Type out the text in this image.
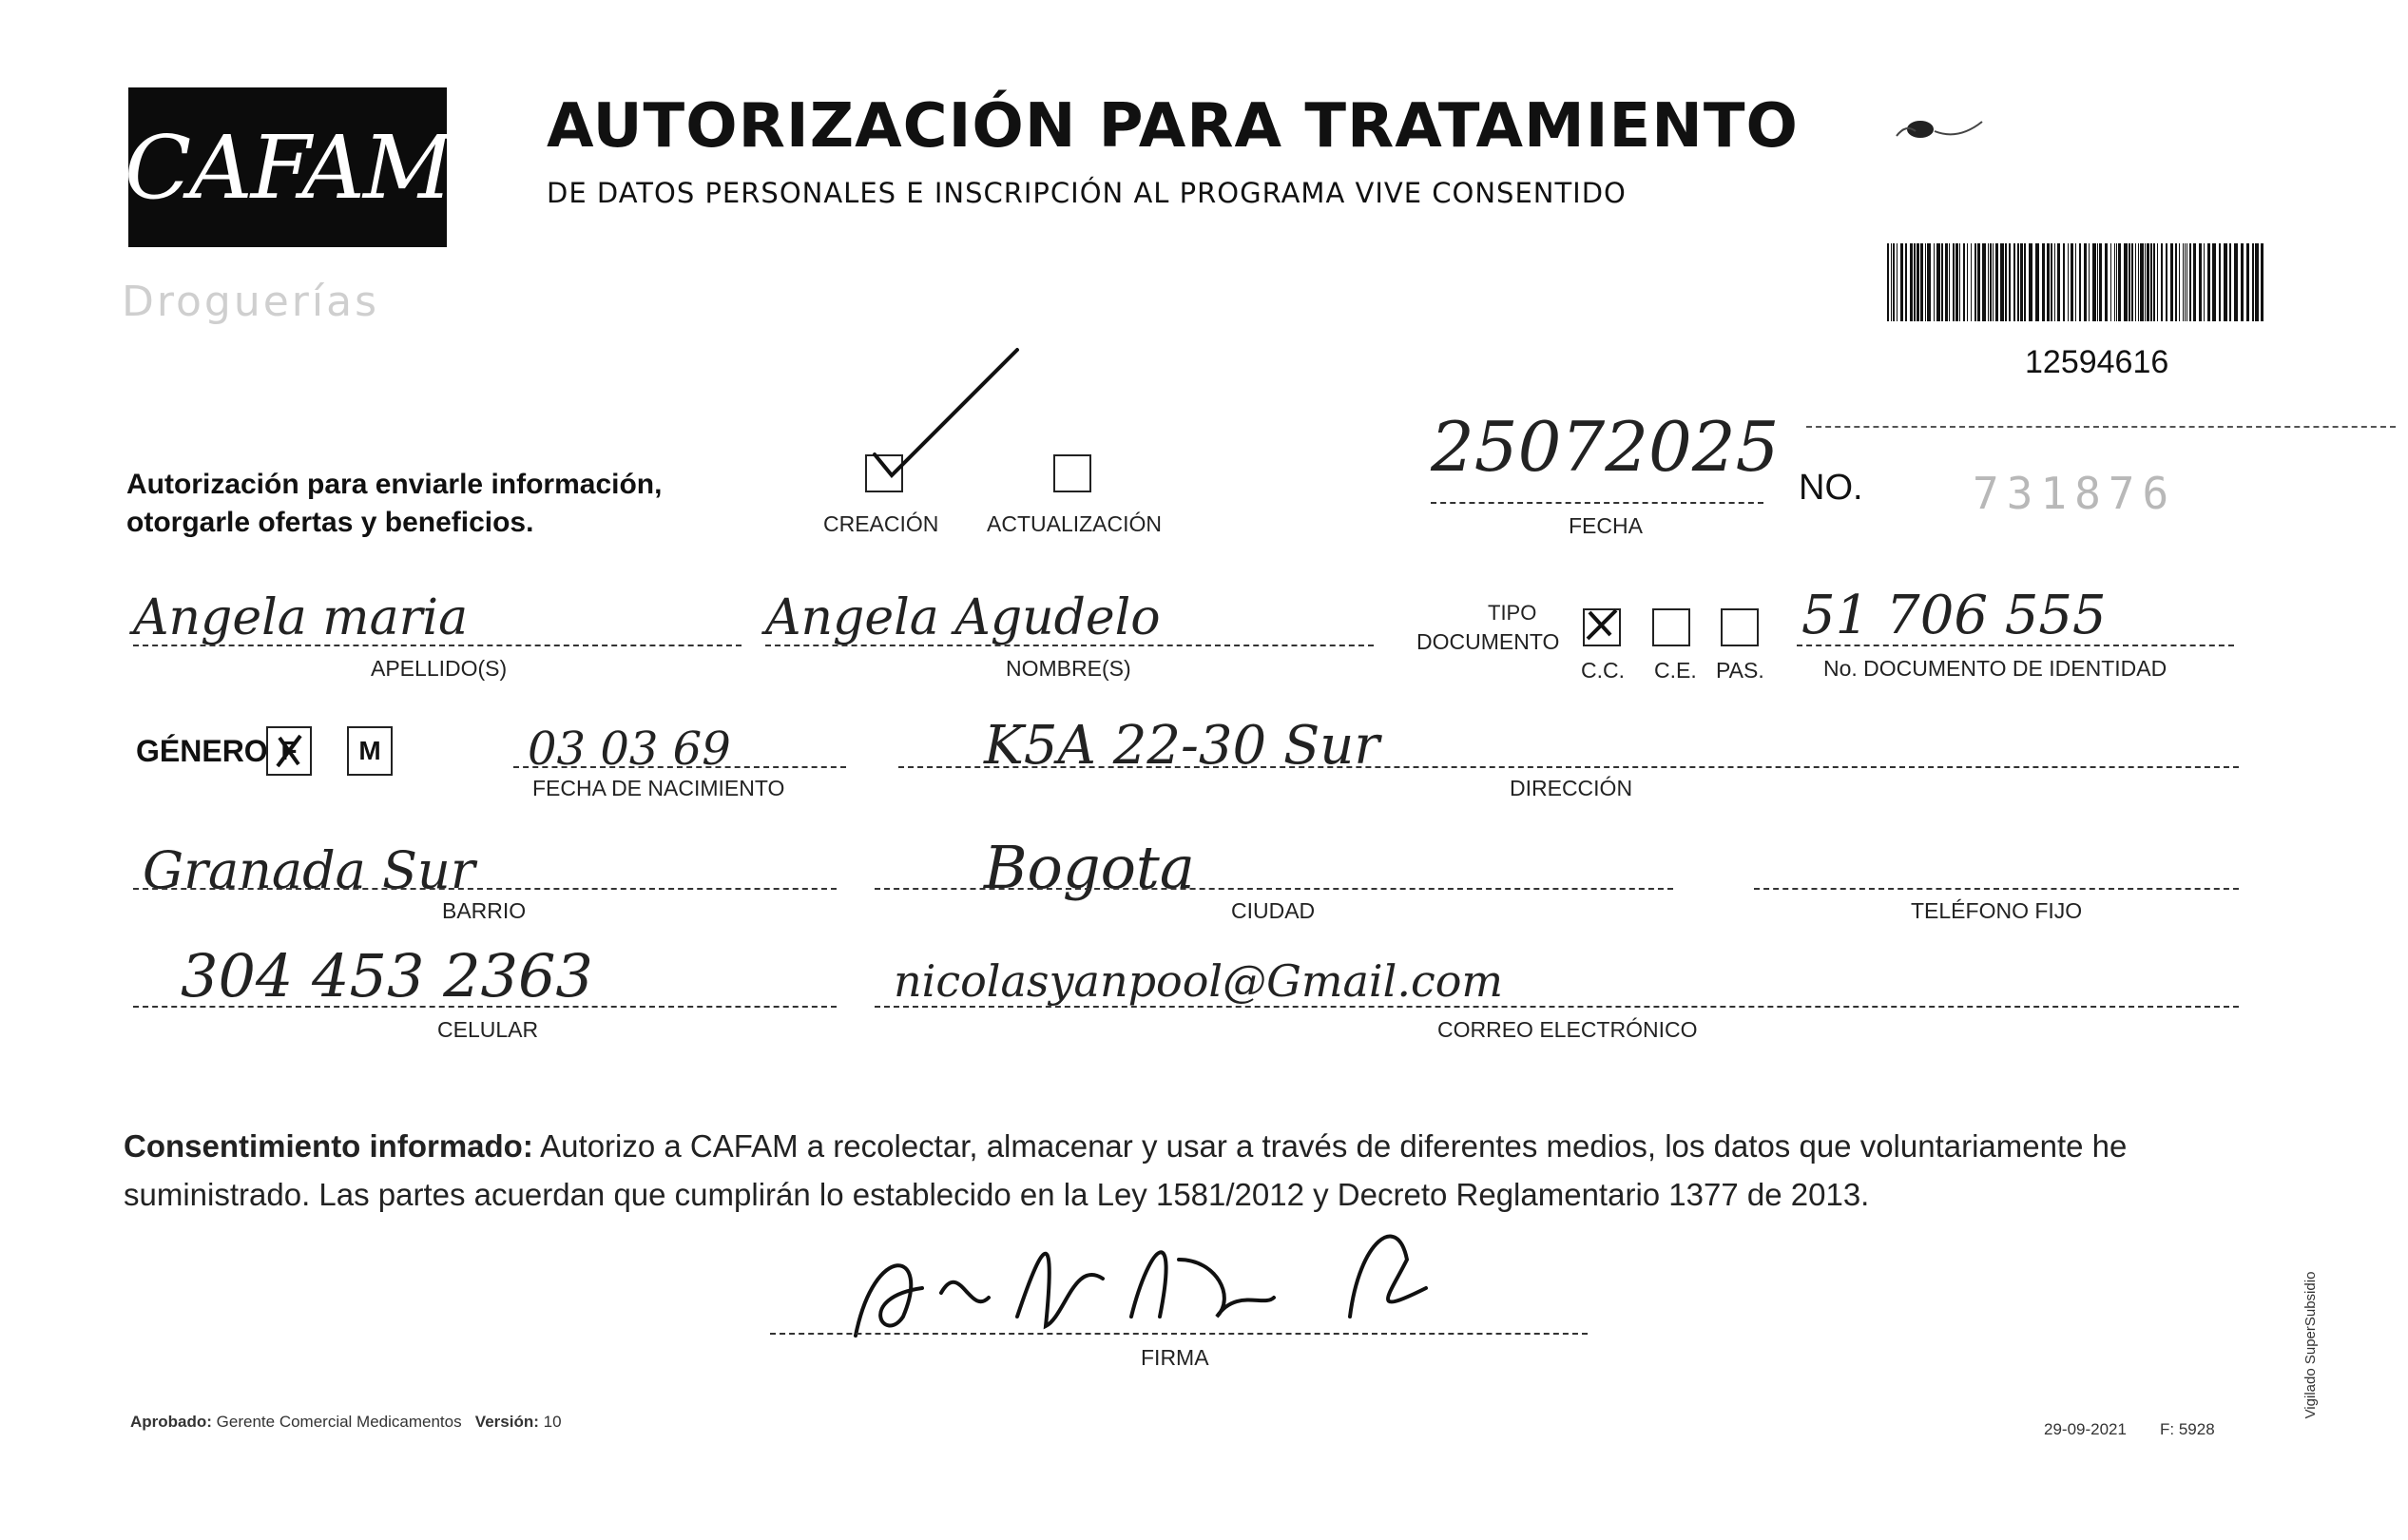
CAFAM
Droguerías
AUTORIZACIÓN PARA TRATAMIENTO
DE DATOS PERSONALES E INSCRIPCIÓN AL PROGRAMA VIVE CONSENTIDO
12594616
Autorización para enviarle información,
otorgarle ofertas y beneficios.	CREACIÓN ACTUALIZACIÓN
25072025
FECHA
NO.	731876
Angela maria
APELLIDO(S)
Angela Agudelo
NOMBRE(S)
TIPO
DOCUMENTO
C.C. C.E. PAS.
51 706 555
No. DOCUMENTO DE IDENTIDAD
GÉNERO F M	03 03 69
FECHA DE NACIMIENTO
K5A 22-30 Sur
DIRECCIÓN
Granada Sur
BARRIO
Bogota
CIUDAD	TELÉFONO FIJO
304 453 2363
CELULAR
nicolasyanpool@Gmail.com
CORREO ELECTRÓNICO
Consentimiento informado: Autorizo a CAFAM a recolectar, almacenar y usar a través de diferentes medios, los datos que voluntariamente he suministrado. Las partes acuerdan que cumplirán lo establecido en la Ley 1581/2012 y Decreto Reglamentario 1377 de 2013.
FIRMA
Aprobado: Gerente Comercial Medicamentos Versión: 10	29-09-2021 F: 5928
Vigilado SuperSubsidio
